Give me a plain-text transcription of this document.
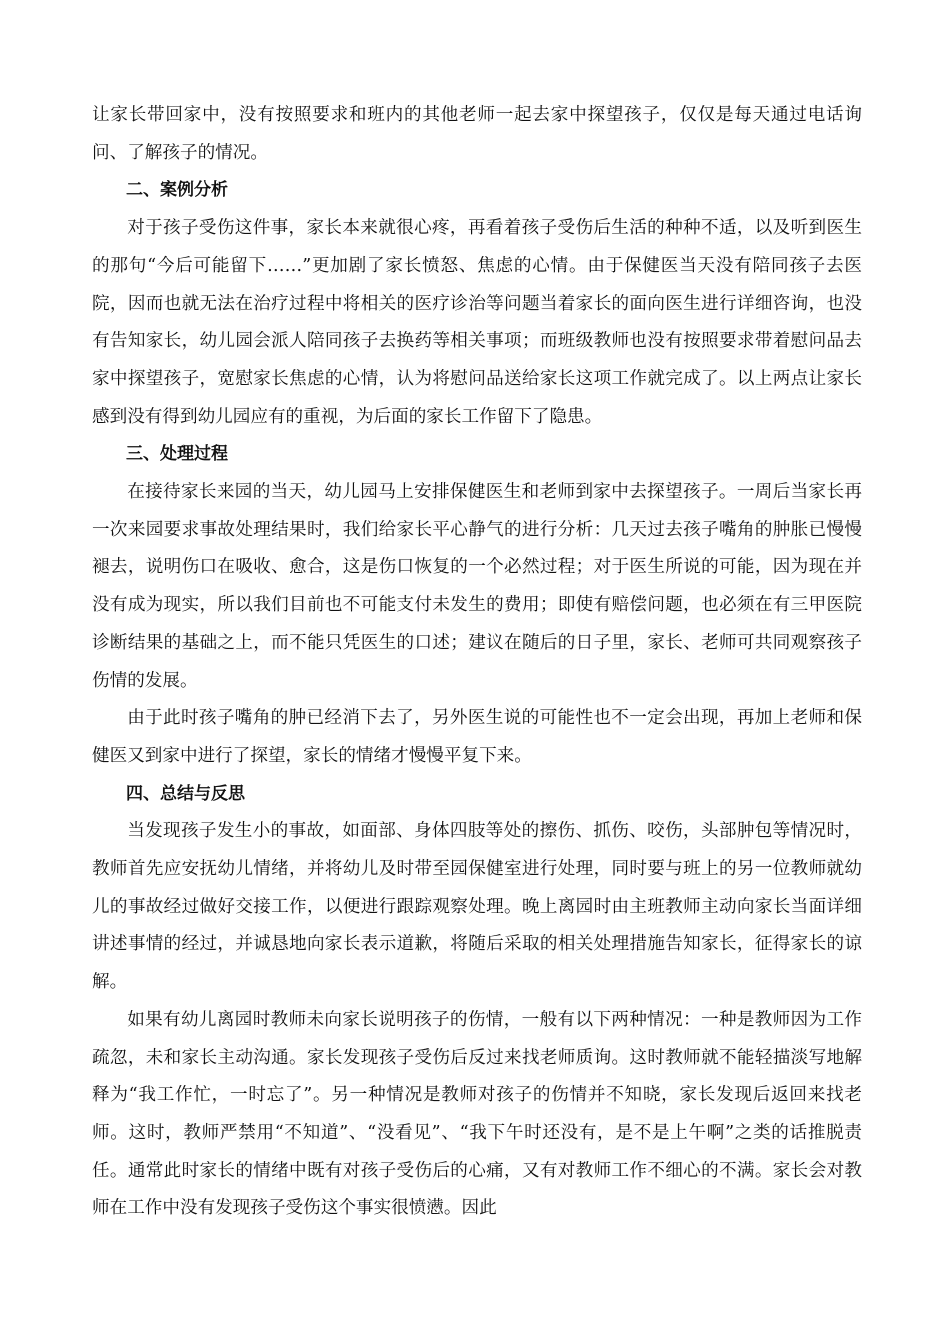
让家长带回家中，没有按照要求和班内的其他老师一起去家中探望孩子，仅仅是每天通过电话询问、了解孩子的情况。

二、案例分析

对于孩子受伤这件事，家长本来就很心疼，再看着孩子受伤后生活的种种不适，以及听到医生的那句“今后可能留下……”更加剧了家长愤怒、焦虑的心情。由于保健医当天没有陪同孩子去医院，因而也就无法在治疗过程中将相关的医疗诊治等问题当着家长的面向医生进行详细咨询，也没有告知家长，幼儿园会派人陪同孩子去换药等相关事项；而班级教师也没有按照要求带着慰问品去家中探望孩子，宽慰家长焦虑的心情，认为将慰问品送给家长这项工作就完成了。以上两点让家长感到没有得到幼儿园应有的重视，为后面的家长工作留下了隐患。

三、处理过程

在接待家长来园的当天，幼儿园马上安排保健医生和老师到家中去探望孩子。一周后当家长再一次来园要求事故处理结果时，我们给家长平心静气的进行分析：几天过去孩子嘴角的肿胀已慢慢褪去，说明伤口在吸收、愈合，这是伤口恢复的一个必然过程；对于医生所说的可能，因为现在并没有成为现实，所以我们目前也不可能支付未发生的费用；即使有赔偿问题，也必须在有三甲医院诊断结果的基础之上，而不能只凭医生的口述；建议在随后的日子里，家长、老师可共同观察孩子伤情的发展。

由于此时孩子嘴角的肿已经消下去了，另外医生说的可能性也不一定会出现，再加上老师和保健医又到家中进行了探望，家长的情绪才慢慢平复下来。

四、总结与反思

当发现孩子发生小的事故，如面部、身体四肢等处的擦伤、抓伤、咬伤，头部肿包等情况时，教师首先应安抚幼儿情绪，并将幼儿及时带至园保健室进行处理，同时要与班上的另一位教师就幼儿的事故经过做好交接工作，以便进行跟踪观察处理。晚上离园时由主班教师主动向家长当面详细讲述事情的经过，并诚恳地向家长表示道歉，将随后采取的相关处理措施告知家长，征得家长的谅解。

如果有幼儿离园时教师未向家长说明孩子的伤情，一般有以下两种情况：一种是教师因为工作疏忽，未和家长主动沟通。家长发现孩子受伤后反过来找老师质询。这时教师就不能轻描淡写地解释为“我工作忙，一时忘了”。另一种情况是教师对孩子的伤情并不知晓，家长发现后返回来找老师。这时，教师严禁用“不知道”、“没看见”、“我下午时还没有，是不是上午啊”之类的话推脱责任。通常此时家长的情绪中既有对孩子受伤后的心痛，又有对教师工作不细心的不满。家长会对教师在工作中没有发现孩子受伤这个事实很愤懑。因此
